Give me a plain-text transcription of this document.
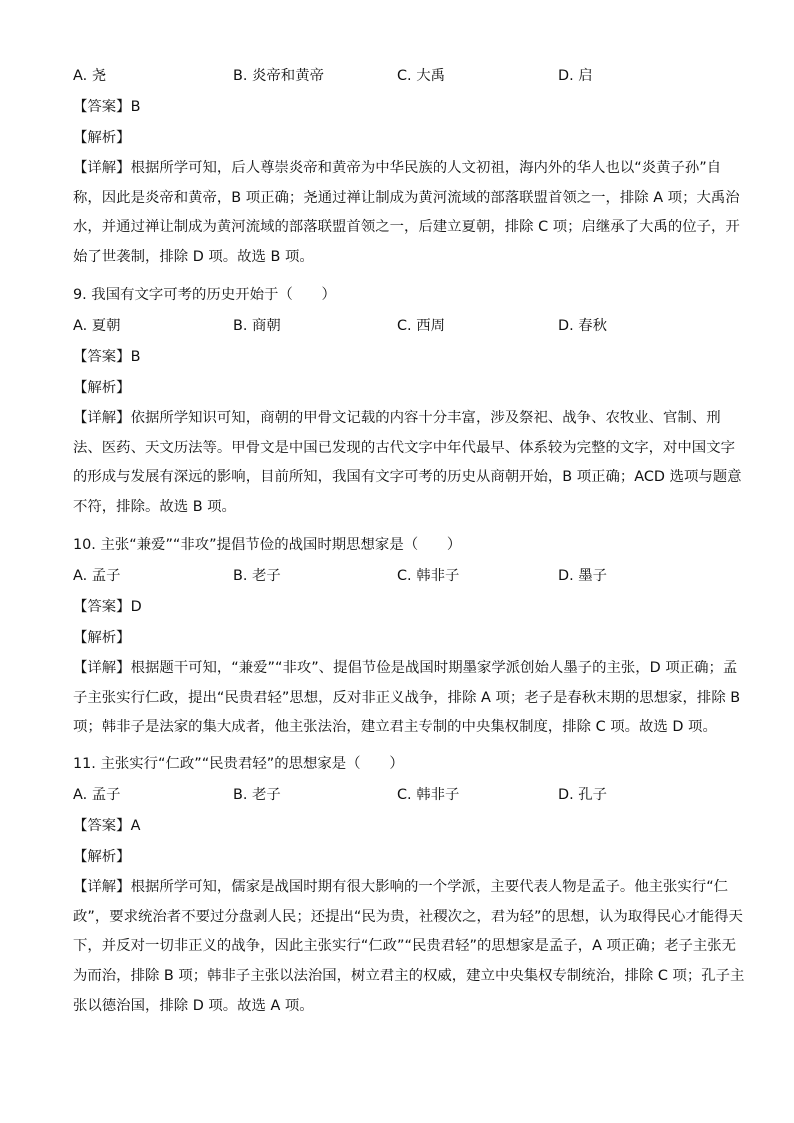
A. 尧	B. 炎帝和黄帝	C. 大禹	D. 启
【答案】B
【解析】

【详解】根据所学可知，后人尊崇炎帝和黄帝为中华民族的人文初祖，海内外的华人也以“炎黄子孙”自

称，因此是炎帝和黄帝，B 项正确；尧通过禅让制成为黄河流域的部落联盟首领之一，排除 A 项；大禹治

水，并通过禅让制成为黄河流域的部落联盟首领之一，后建立夏朝，排除 C 项；启继承了大禹的位子，开

始了世袭制，排除 D 项。故选 B 项。

9. 我国有文字可考的历史开始于（　　）
A. 夏朝	B. 商朝	C. 西周	D. 春秋
【答案】B
【解析】

【详解】依据所学知识可知，商朝的甲骨文记载的内容十分丰富，涉及祭祀、战争、农牧业、官制、刑

法、医药、天文历法等。甲骨文是中国已发现的古代文字中年代最早、体系较为完整的文字，对中国文字

的形成与发展有深远的影响，目前所知，我国有文字可考的历史从商朝开始，B 项正确；ACD 选项与题意

不符，排除。故选 B 项。

10. 主张“兼爱”“非攻”提倡节俭的战国时期思想家是（　　）
A. 孟子	B. 老子	C. 韩非子	D. 墨子
【答案】D
【解析】

【详解】根据题干可知，“兼爱”“非攻”、提倡节俭是战国时期墨家学派创始人墨子的主张，D 项正确；孟

子主张实行仁政，提出“民贵君轻”思想，反对非正义战争，排除 A 项；老子是春秋末期的思想家，排除 B

项；韩非子是法家的集大成者，他主张法治，建立君主专制的中央集权制度，排除 C 项。故选 D 项。

11. 主张实行“仁政”“民贵君轻”的思想家是（　　）
A. 孟子	B. 老子	C. 韩非子	D. 孔子
【答案】A
【解析】

【详解】根据所学可知，儒家是战国时期有很大影响的一个学派，主要代表人物是孟子。他主张实行“仁

政”，要求统治者不要过分盘剥人民；还提出“民为贵，社稷次之，君为轻”的思想，认为取得民心才能得天

下，并反对一切非正义的战争，因此主张实行“仁政”“民贵君轻”的思想家是孟子，A 项正确；老子主张无

为而治，排除 B 项；韩非子主张以法治国，树立君主的权威，建立中央集权专制统治，排除 C 项；孔子主

张以德治国，排除 D 项。故选 A 项。
